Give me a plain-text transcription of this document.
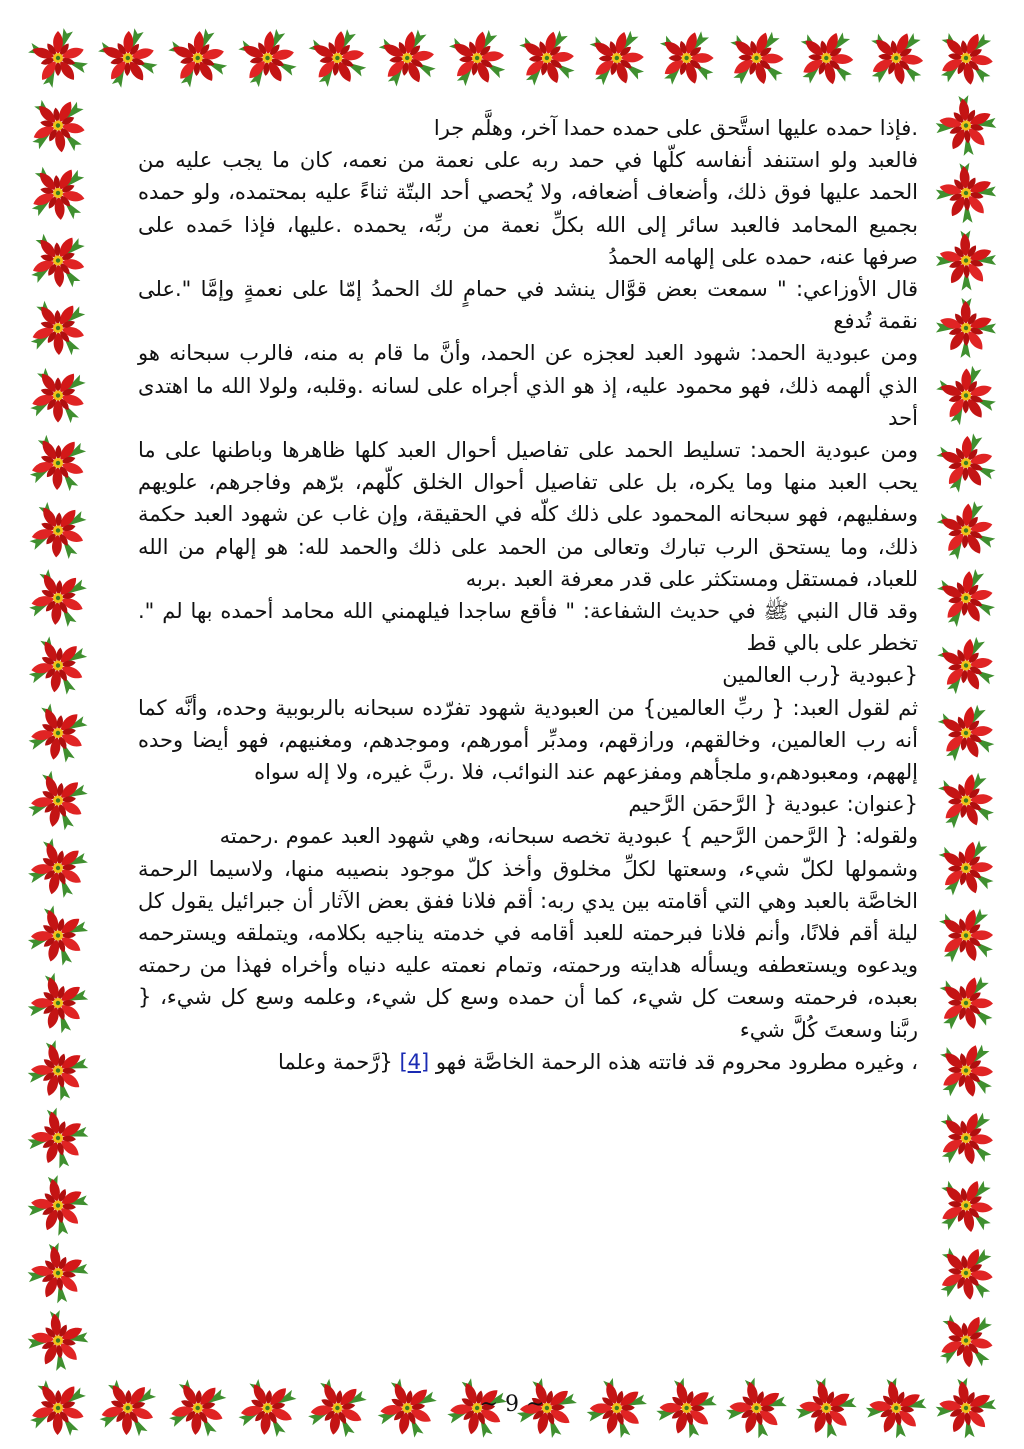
.فإذا حمده عليها استَّحق على حمده حمدا آخر، وهلَّم جرا

فالعبد ولو استنفد أنفاسه كلّها في حمد ربه على نعمة من نعمه، كان ما يجب عليه من الحمد عليها فوق ذلك، وأضعاف أضعافه، ولا يُحصي أحد البتّة ثناءً عليه بمحتمده، ولو حمده بجميع المحامد فالعبد سائر إلى الله بكلِّ نعمة من ربِّه، يحمده .عليها، فإذا حَمده على صرفها عنه، حمده على إلهامه الحمدُ

قال الأوزاعي: " سمعت بعض قوَّال ينشد في حمامٍ لك الحمدُ إمّا على نعمةٍ وإمَّا ".على نقمة تُدفع

ومن عبودية الحمد: شهود العبد لعجزه عن الحمد، وأنَّ ما قام به منه، فالرب سبحانه هو الذي ألهمه ذلك، فهو محمود عليه، إذ هو الذي أجراه على لسانه .وقلبه، ولولا الله ما اهتدى أحد

ومن عبودية الحمد: تسليط الحمد على تفاصيل أحوال العبد كلها ظاهرها وباطنها على ما يحب العبد منها وما يكره، بل على تفاصيل أحوال الخلق كلّهم، برّهم وفاجرهم، علويهم وسفليهم، فهو سبحانه المحمود على ذلك كلّه في الحقيقة، وإن غاب عن شهود العبد حكمة ذلك، وما يستحق الرب تبارك وتعالى من الحمد على ذلك والحمد لله: هو إلهام من الله للعباد، فمستقل ومستكثر على قدر معرفة العبد .بربه

وقد قال النبي ﷺ في حديث الشفاعة: " فأقع ساجدا فيلهمني الله محامد أحمده بها لم ". تخطر على بالي قط

{عبودية {رب العالمين

ثم لقول العبد: { ربِّ العالمين} من العبودية شهود تفرّده سبحانه بالربوبية وحده، وأنَّه كما أنه رب العالمين، وخالقهم، ورازقهم، ومدبِّر أمورهم، وموجدهم، ومغنيهم، فهو أيضا وحده إلههم، ومعبودهم،و ملجأهم ومفزعهم عند النوائب، فلا .ربَّ غيره، ولا إله سواه

{عنوان: عبودية { الرَّحمَن الرَّحيم

ولقوله: { الرَّحمن الرَّحيم } عبودية تخصه سبحانه، وهي شهود العبد عموم .رحمته

وشمولها لكلّ شيء، وسعتها لكلِّ مخلوق وأخذ كلّ موجود بنصيبه منها، ولاسيما الرحمة الخاصَّة بالعبد وهي التي أقامته بين يدي ربه: أقم فلانا ففق بعض الآثار أن جبرائيل يقول كل ليلة أقم فلانًا، وأنم فلانا فبرحمته للعبد أقامه في خدمته يناجيه بكلامه، ويتملقه ويسترحمه ويدعوه ويستعطفه ويسأله هدايته ورحمته، وتمام نعمته عليه دنياه وأخراه فهذا من رحمته بعبده، فرحمته وسعت كل شيء، كما أن حمده وسع كل شيء، وعلمه وسع كل شيء، { ربَّنا وسعتَ كُلَّ شيء

، وغيره مطرود محروم قد فاتته هذه الرحمة الخاصَّة فهو [4] {رَّحمة وعلما

~ 9 ~
